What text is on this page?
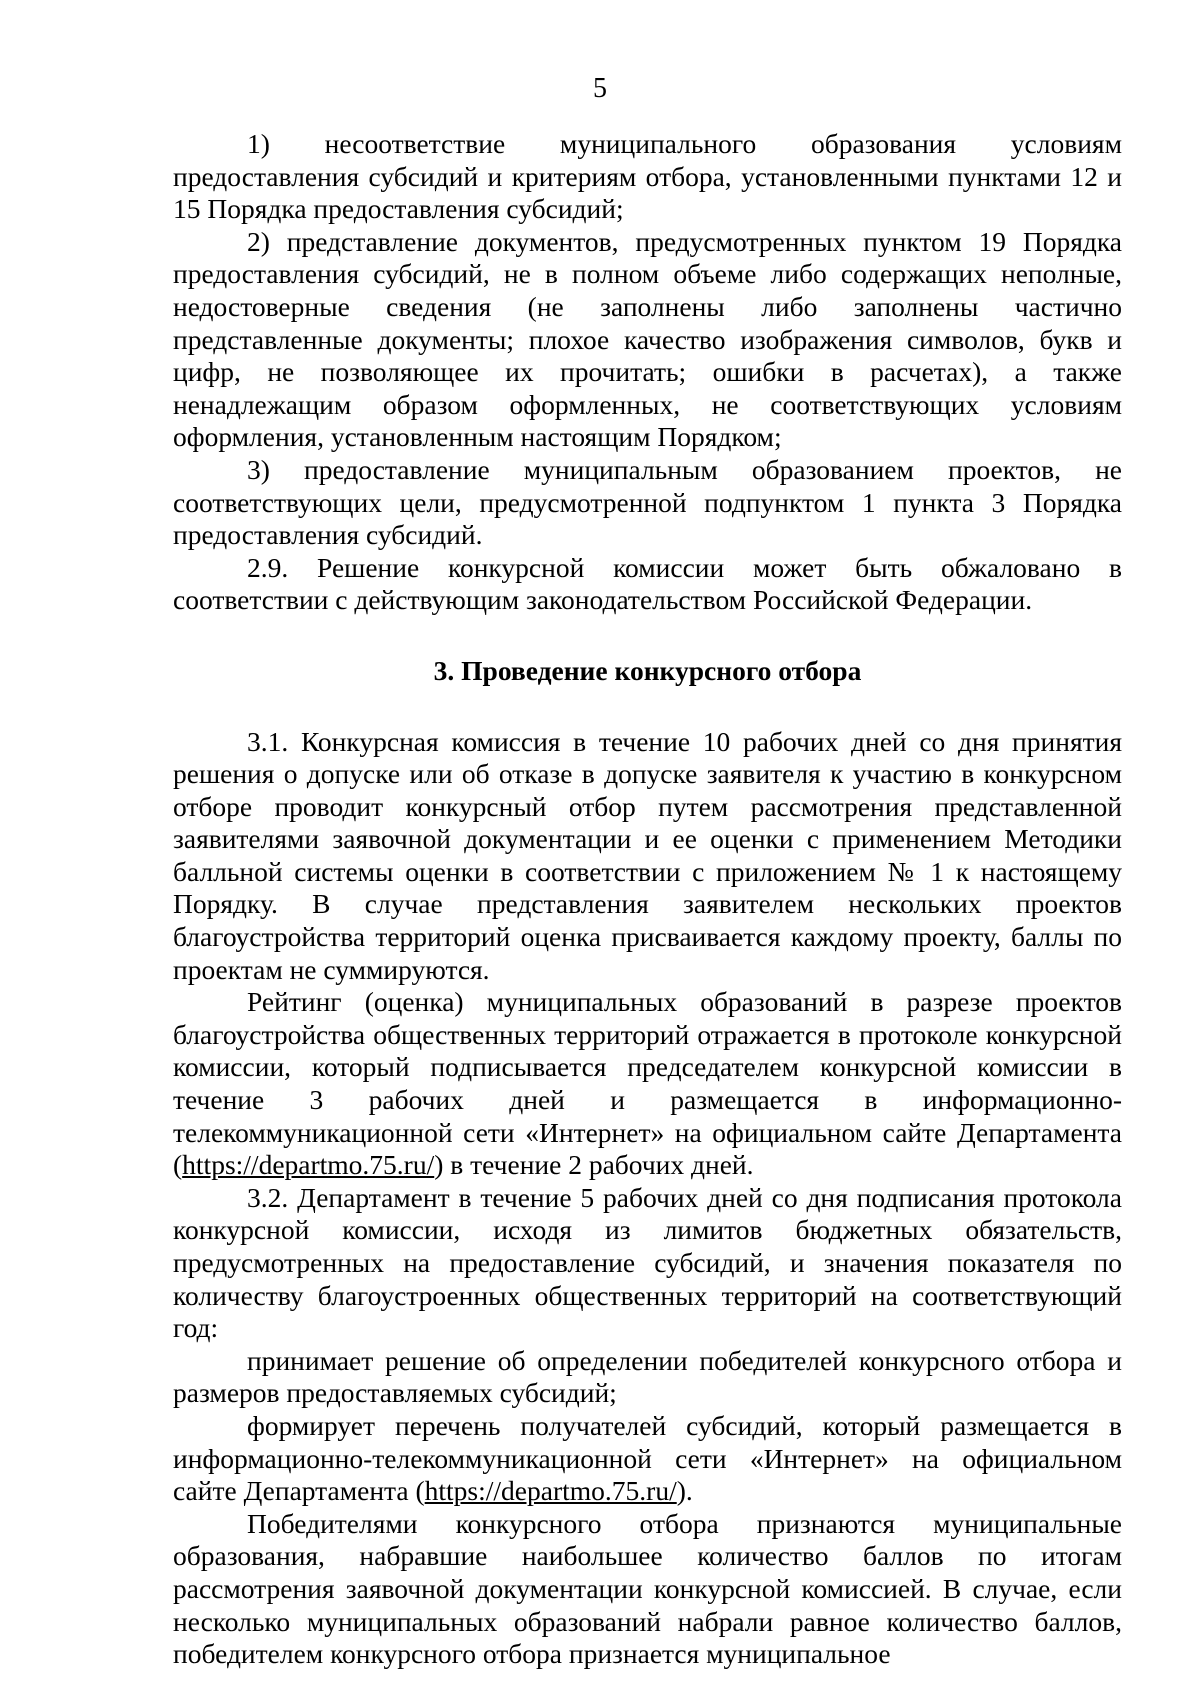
5

1) несоответствие муниципального образования условиям предоставления субсидий и критериям отбора, установленными пунктами 12 и 15 Порядка предоставления субсидий;

2) представление документов, предусмотренных пунктом 19 Порядка предоставления субсидий, не в полном объеме либо содержащих неполные, недостоверные сведения (не заполнены либо заполнены частично представленные документы; плохое качество изображения символов, букв и цифр, не позволяющее их прочитать; ошибки в расчетах), а также ненадлежащим образом оформленных, не соответствующих условиям оформления, установленным настоящим Порядком;

3) предоставление муниципальным образованием проектов, не соответствующих цели, предусмотренной подпунктом 1 пункта 3 Порядка предоставления субсидий.

2.9. Решение конкурсной комиссии может быть обжаловано в соответствии с действующим законодательством Российской Федерации.

3. Проведение конкурсного отбора

3.1. Конкурсная комиссия в течение 10 рабочих дней со дня принятия решения о допуске или об отказе в допуске заявителя к участию в конкурсном отборе проводит конкурсный отбор путем рассмотрения представленной заявителями заявочной документации и ее оценки с применением Методики балльной системы оценки в соответствии с приложением № 1 к настоящему Порядку. В случае представления заявителем нескольких проектов благоустройства территорий оценка присваивается каждому проекту, баллы по проектам не суммируются.

Рейтинг (оценка) муниципальных образований в разрезе проектов благоустройства общественных территорий отражается в протоколе конкурсной комиссии, который подписывается председателем конкурсной комиссии в течение 3 рабочих дней и размещается в информационно-телекоммуникационной сети «Интернет» на официальном сайте Департамента (https://departmo.75.ru/) в течение 2 рабочих дней.

3.2. Департамент в течение 5 рабочих дней со дня подписания протокола конкурсной комиссии, исходя из лимитов бюджетных обязательств, предусмотренных на предоставление субсидий, и значения показателя по количеству благоустроенных общественных территорий на соответствующий год:

принимает решение об определении победителей конкурсного отбора и размеров предоставляемых субсидий;

формирует перечень получателей субсидий, который размещается в информационно-телекоммуникационной сети «Интернет» на официальном сайте Департамента (https://departmo.75.ru/).

Победителями конкурсного отбора признаются муниципальные образования, набравшие наибольшее количество баллов по итогам рассмотрения заявочной документации конкурсной комиссией. В случае, если несколько муниципальных образований набрали равное количество баллов, победителем конкурсного отбора признается муниципальное
